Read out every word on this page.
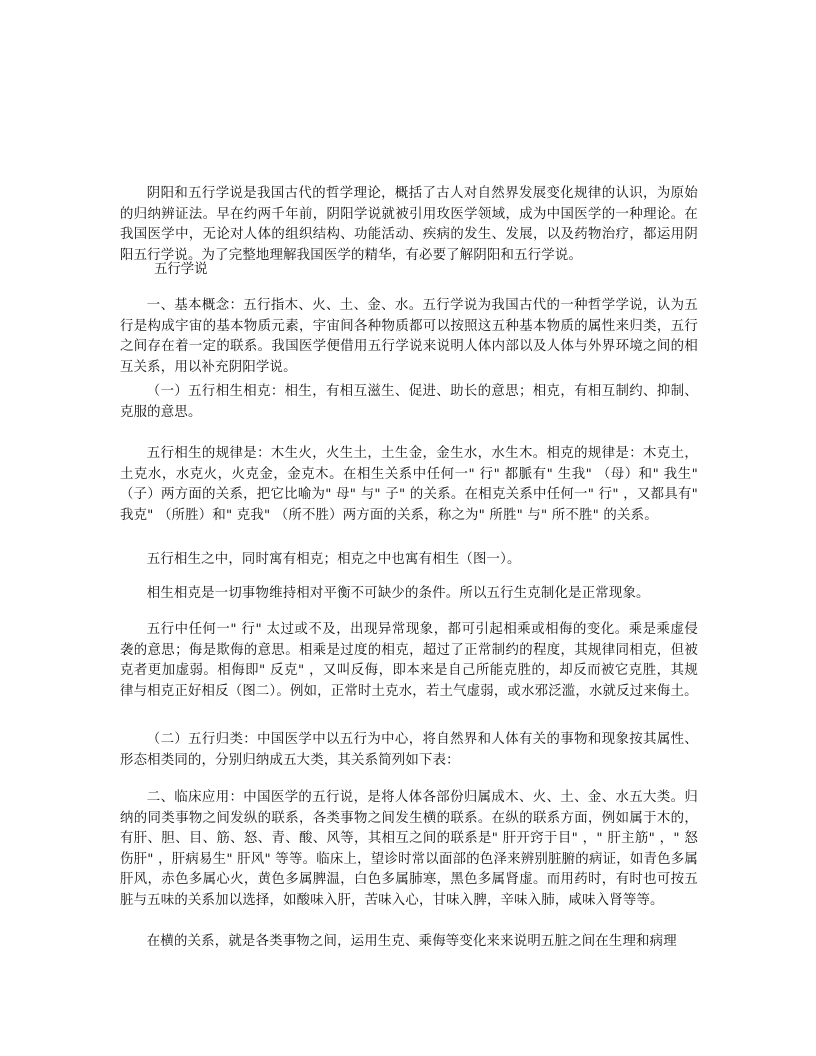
阴阳和五行学说是我国古代的哲学理论，概括了古人对自然界发展变化规律的认识，为原始的归纳辨证法。早在约两千年前，阴阳学说就被引用玫医学领域，成为中国医学的一种理论。在我国医学中，无论对人体的组织结构、功能活动、疾病的发生、发展，以及药物治疗，都运用阴阳五行学说。为了完整地理解我国医学的精华，有必要了解阴阳和五行学说。

五行学说

一、基本概念：五行指木、火、土、金、水。五行学说为我国古代的一种哲学学说，认为五行是构成宇宙的基本物质元素，宇宙间各种物质都可以按照这五种基本物质的属性来归类，五行之间存在着一定的联系。我国医学便借用五行学说来说明人体内部以及人体与外界环境之间的相互关系，用以补充阴阳学说。

（一）五行相生相克：相生，有相互滋生、促进、助长的意思；相克，有相互制约、抑制、克服的意思。

五行相生的规律是：木生火，火生土，土生金，金生水，水生木。相克的规律是：木克土，土克水，水克火，火克金，金克木。在相生关系中任何一" 行" 都脈有" 生我" （母）和" 我生" （子）两方面的关系，把它比喻为" 母" 与" 子" 的关系。在相克关系中任何一" 行" ，又都具有" 我克" （所胜）和" 克我" （所不胜）两方面的关系，称之为" 所胜" 与" 所不胜" 的关系。

五行相生之中，同时寓有相克；相克之中也寓有相生（图一）。

相生相克是一切事物维持相对平衡不可缺少的条件。所以五行生克制化是正常现象。

五行中任何一" 行" 太过或不及，出现异常现象，都可引起相乘或相侮的变化。乘是乘虚侵袭的意思；侮是欺侮的意思。相乘是过度的相克，超过了正常制约的程度，其规律同相克，但被克者更加虚弱。相侮即" 反克" ，又叫反侮，即本来是自己所能克胜的，却反而被它克胜，其规律与相克正好相反（图二）。例如，正常时土克水，若土气虚弱，或水邪泛滥，水就反过来侮土。

（二）五行归类：中国医学中以五行为中心，将自然界和人体有关的事物和现象按其属性、形态相类同的，分别归纳成五大类，其关系简列如下表：

二、临床应用：中国医学的五行说，是将人体各部份归属成木、火、土、金、水五大类。归纳的同类事物之间发纵的联系，各类事物之间发生横的联系。在纵的联系方面，例如属于木的，有肝、胆、目、筋、怒、青、酸、风等，其相互之间的联系是" 肝开窍于目" ，" 肝主筋" ，" 怒伤肝" ，肝病易生" 肝风" 等等。临床上，望诊时常以面部的色泽来辨别脏腑的病证，如青色多属肝风，赤色多属心火，黄色多属脾温，白色多属肺寒，黑色多属肾虚。而用药时，有时也可按五脏与五味的关系加以选择，如酸味入肝，苦味入心，甘味入脾，辛味入肺，咸味入肾等等。

在横的关系，就是各类事物之间，运用生克、乘侮等变化来来说明五脏之间在生理和病理
